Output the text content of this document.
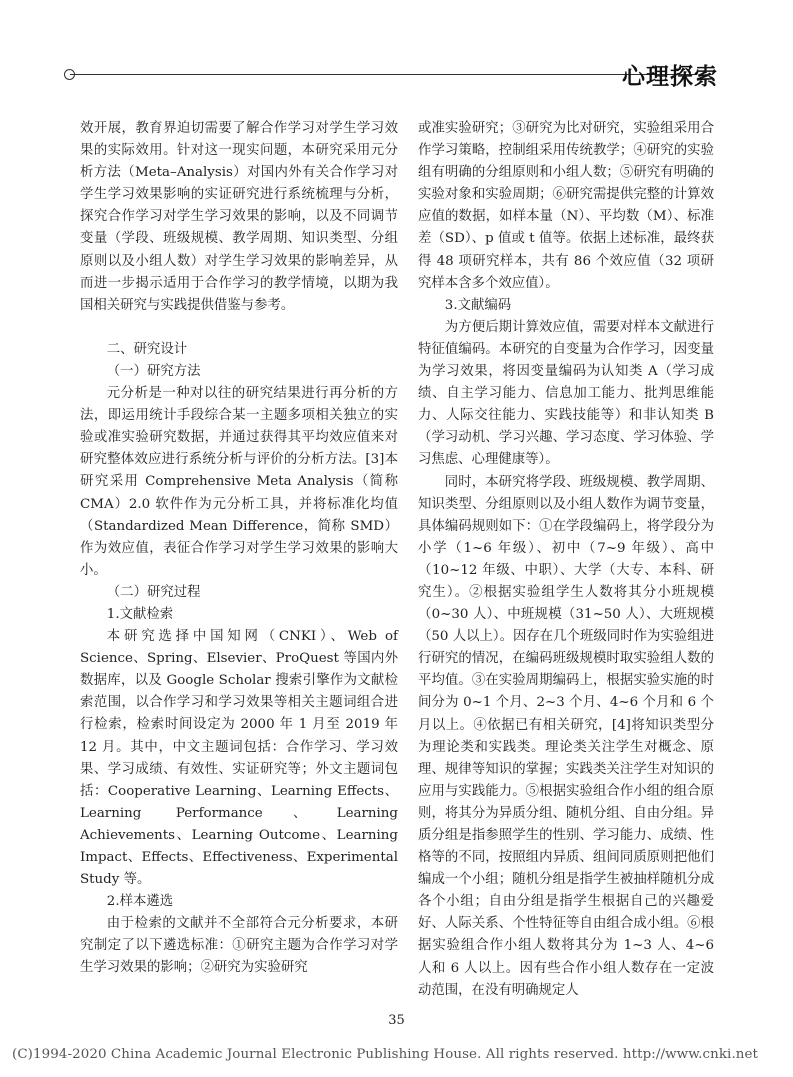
心理探索

效开展，教育界迫切需要了解合作学习对学生学习效果的实际效用。针对这一现实问题，本研究采用元分析方法（Meta–Analysis）对国内外有关合作学习对学生学习效果影响的实证研究进行系统梳理与分析，探究合作学习对学生学习效果的影响，以及不同调节变量（学段、班级规模、教学周期、知识类型、分组原则以及小组人数）对学生学习效果的影响差异，从而进一步揭示适用于合作学习的教学情境，以期为我国相关研究与实践提供借鉴与参考。

二、研究设计

（一）研究方法

元分析是一种对以往的研究结果进行再分析的方法，即运用统计手段综合某一主题多项相关独立的实验或准实验研究数据，并通过获得其平均效应值来对研究整体效应进行系统分析与评价的分析方法。[3]本研究采用 Comprehensive Meta Analysis（简称 CMA）2.0 软件作为元分析工具，并将标准化均值（Standardized Mean Difference，简称 SMD）作为效应值，表征合作学习对学生学习效果的影响大小。

（二）研究过程

1.文献检索

本研究选择中国知网（CNKI）、Web of Science、Spring、Elsevier、ProQuest 等国内外数据库，以及 Google Scholar 搜索引擎作为文献检索范围，以合作学习和学习效果等相关主题词组合进行检索，检索时间设定为 2000 年 1 月至 2019 年 12 月。其中，中文主题词包括：合作学习、学习效果、学习成绩、有效性、实证研究等；外文主题词包括：Cooperative Learning、Learning Effects、Learning Performance、Learning Achievements、Learning Outcome、Learning Impact、Effects、Effectiveness、Experimental Study 等。

2.样本遴选

由于检索的文献并不全部符合元分析要求，本研究制定了以下遴选标准：①研究主题为合作学习对学生学习效果的影响；②研究为实验研究

或准实验研究；③研究为比对研究，实验组采用合作学习策略，控制组采用传统教学；④研究的实验组有明确的分组原则和小组人数；⑤研究有明确的实验对象和实验周期；⑥研究需提供完整的计算效应值的数据，如样本量（N）、平均数（M）、标准差（SD）、p 值或 t 值等。依据上述标准，最终获得 48 项研究样本，共有 86 个效应值（32 项研究样本含多个效应值）。

3.文献编码

为方便后期计算效应值，需要对样本文献进行特征值编码。本研究的自变量为合作学习，因变量为学习效果，将因变量编码为认知类 A（学习成绩、自主学习能力、信息加工能力、批判思维能力、人际交往能力、实践技能等）和非认知类 B（学习动机、学习兴趣、学习态度、学习体验、学习焦虑、心理健康等）。

同时，本研究将学段、班级规模、教学周期、知识类型、分组原则以及小组人数作为调节变量，具体编码规则如下：①在学段编码上，将学段分为小学（1~6 年级）、初中（7~9 年级）、高中（10~12 年级、中职）、大学（大专、本科、研究生）。②根据实验组学生人数将其分小班规模（0~30 人）、中班规模（31~50 人）、大班规模（50 人以上）。因存在几个班级同时作为实验组进行研究的情况，在编码班级规模时取实验组人数的平均值。③在实验周期编码上，根据实验实施的时间分为 0~1 个月、2~3 个月、4~6 个月和 6 个月以上。④依据已有相关研究，[4]将知识类型分为理论类和实践类。理论类关注学生对概念、原理、规律等知识的掌握；实践类关注学生对知识的应用与实践能力。⑤根据实验组合作小组的组合原则，将其分为异质分组、随机分组、自由分组。异质分组是指参照学生的性别、学习能力、成绩、性格等的不同，按照组内异质、组间同质原则把他们编成一个小组；随机分组是指学生被抽样随机分成各个小组；自由分组是指学生根据自己的兴趣爱好、人际关系、个性特征等自由组合成小组。⑥根据实验组合作小组人数将其分为 1~3 人、4~6 人和 6 人以上。因有些合作小组人数存在一定波动范围，在没有明确规定人

35
(C)1994-2020 China Academic Journal Electronic Publishing House. All rights reserved. http://www.cnki.net
